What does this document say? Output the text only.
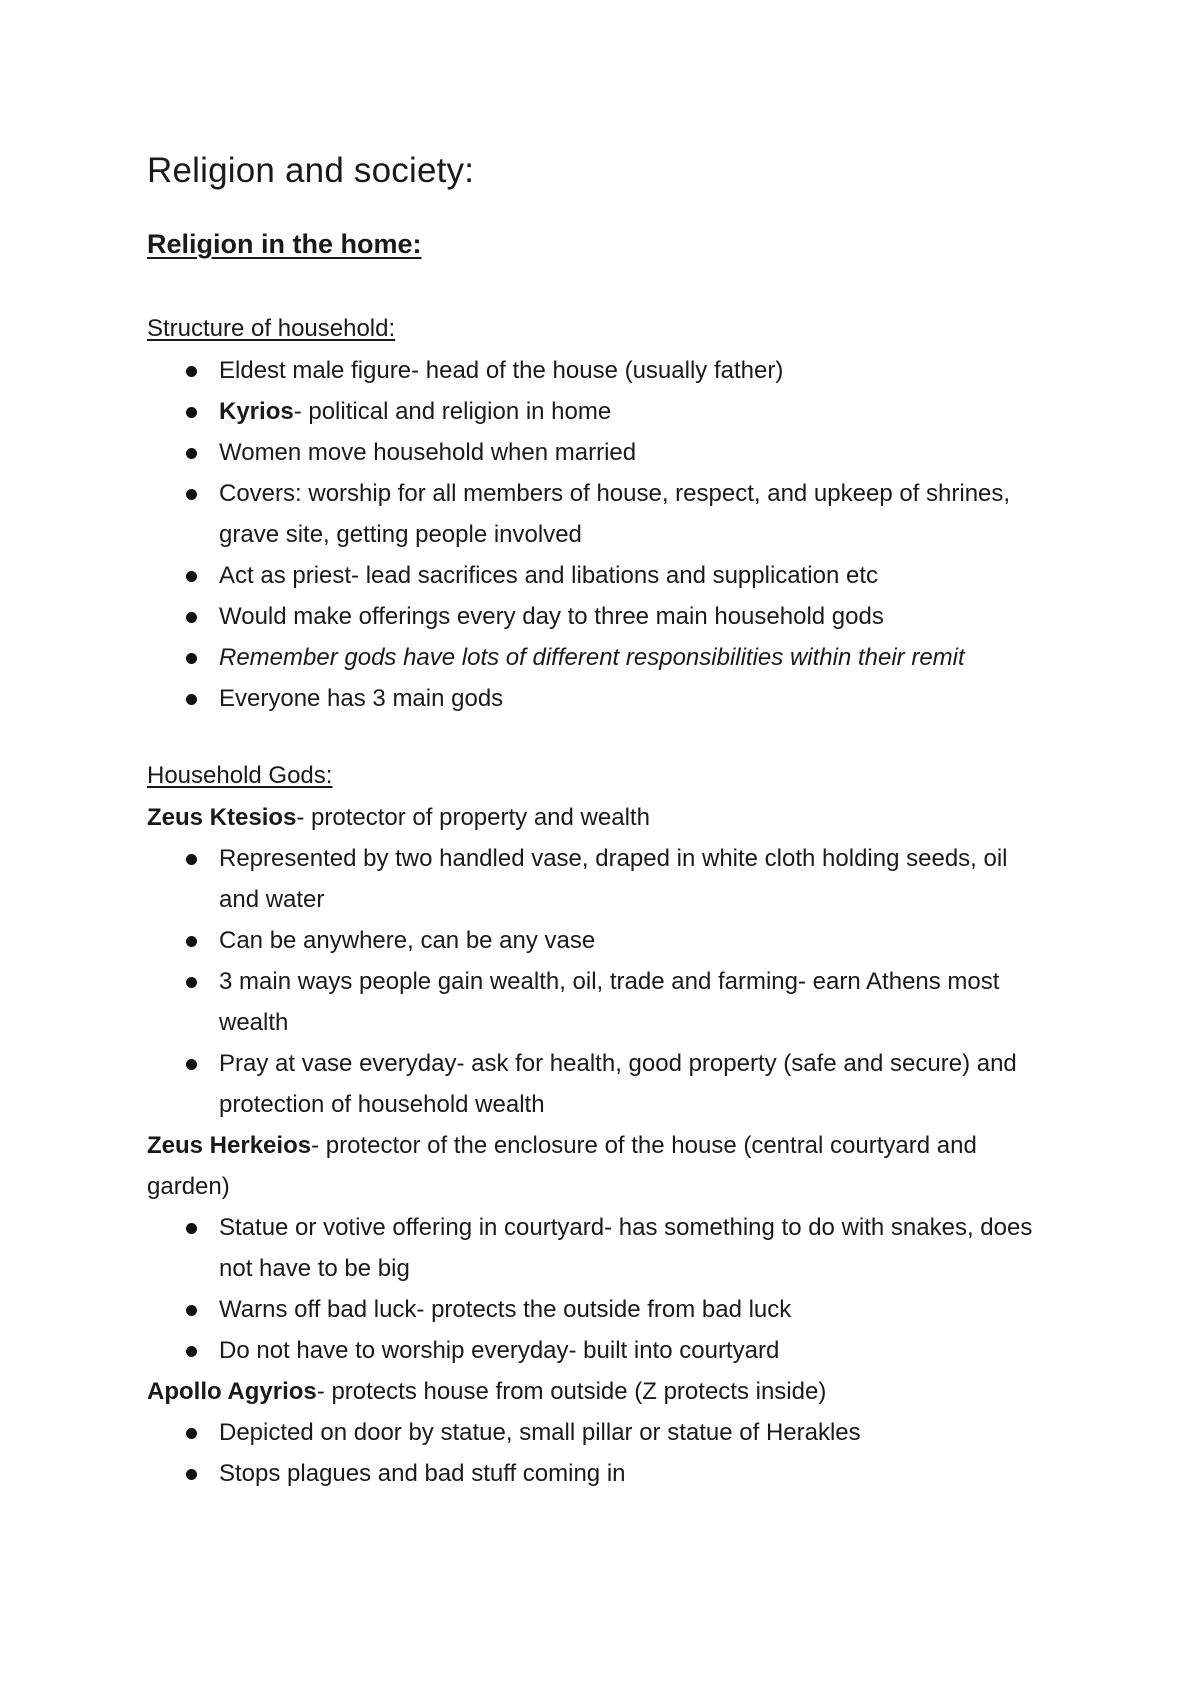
Religion and society:
Religion in the home:
Structure of household:
Eldest male figure- head of the house (usually father)
Kyrios- political and religion in home
Women move household when married
Covers: worship for all members of house, respect, and upkeep of shrines, grave site, getting people involved
Act as priest- lead sacrifices and libations and supplication etc
Would make offerings every day to three main household gods
Remember gods have lots of different responsibilities within their remit
Everyone has 3 main gods
Household Gods:

Zeus Ktesios- protector of property and wealth

Represented by two handled vase, draped in white cloth holding seeds, oil and water
Can be anywhere, can be any vase
3 main ways people gain wealth, oil, trade and farming- earn Athens most wealth
Pray at vase everyday- ask for health, good property (safe and secure) and protection of household wealth

Zeus Herkeios- protector of the enclosure of the house (central courtyard and garden)

Statue or votive offering in courtyard- has something to do with snakes, does not have to be big
Warns off bad luck- protects the outside from bad luck
Do not have to worship everyday- built into courtyard

Apollo Agyrios- protects house from outside (Z protects inside)

Depicted on door by statue, small pillar or statue of Herakles
Stops plagues and bad stuff coming in
